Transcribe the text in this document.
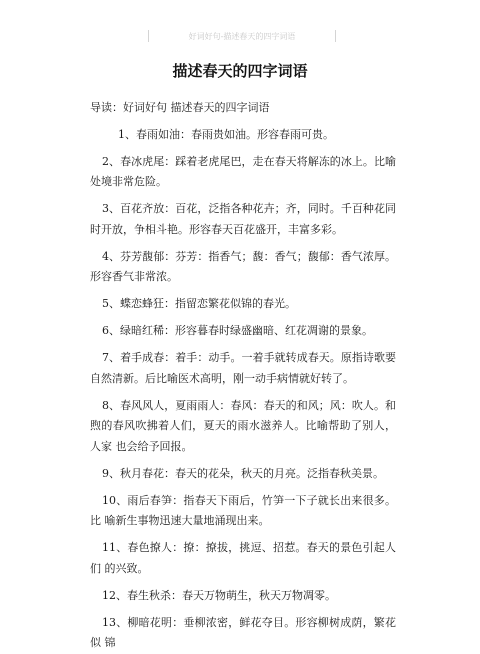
好词好句-描述春天的四字词语
描述春天的四字词语

导读：好词好句 描述春天的四字词语

1、春雨如油：春雨贵如油。形容春雨可贵。

2、春冰虎尾：踩着老虎尾巴，走在春天将解冻的冰上。比喻 处境非常危险。

3、百花齐放：百花，泛指各种花卉；齐，同时。千百种花同 时开放，争相斗艳。形容春天百花盛开，丰富多彩。

4、芬芳馥郁：芬芳：指香气；馥：香气；馥郁：香气浓厚。 形容香气非常浓。

5、蝶恋蜂狂：指留恋繁花似锦的春光。

6、绿暗红稀：形容暮春时绿盛幽暗、红花凋谢的景象。

7、着手成春：着手：动手。一着手就转成春天。原指诗歌要 自然清新。后比喻医术高明，刚一动手病情就好转了。

8、春风风人，夏雨雨人：春风：春天的和风；风：吹人。和 煦的春风吹拂着人们，夏天的雨水滋养人。比喻帮助了别人，人家 也会给予回报。

9、秋月春花：春天的花朵，秋天的月亮。泛指春秋美景。

10、雨后春笋：指春天下雨后，竹笋一下子就长出来很多。比 喻新生事物迅速大量地涌现出来。

11、春色撩人：撩：撩拔，挑逗、招惹。春天的景色引起人们 的兴致。

12、春生秋杀：春天万物萌生，秋天万物凋零。

13、柳暗花明：垂柳浓密，鲜花夺目。形容柳树成荫，繁花似 锦
